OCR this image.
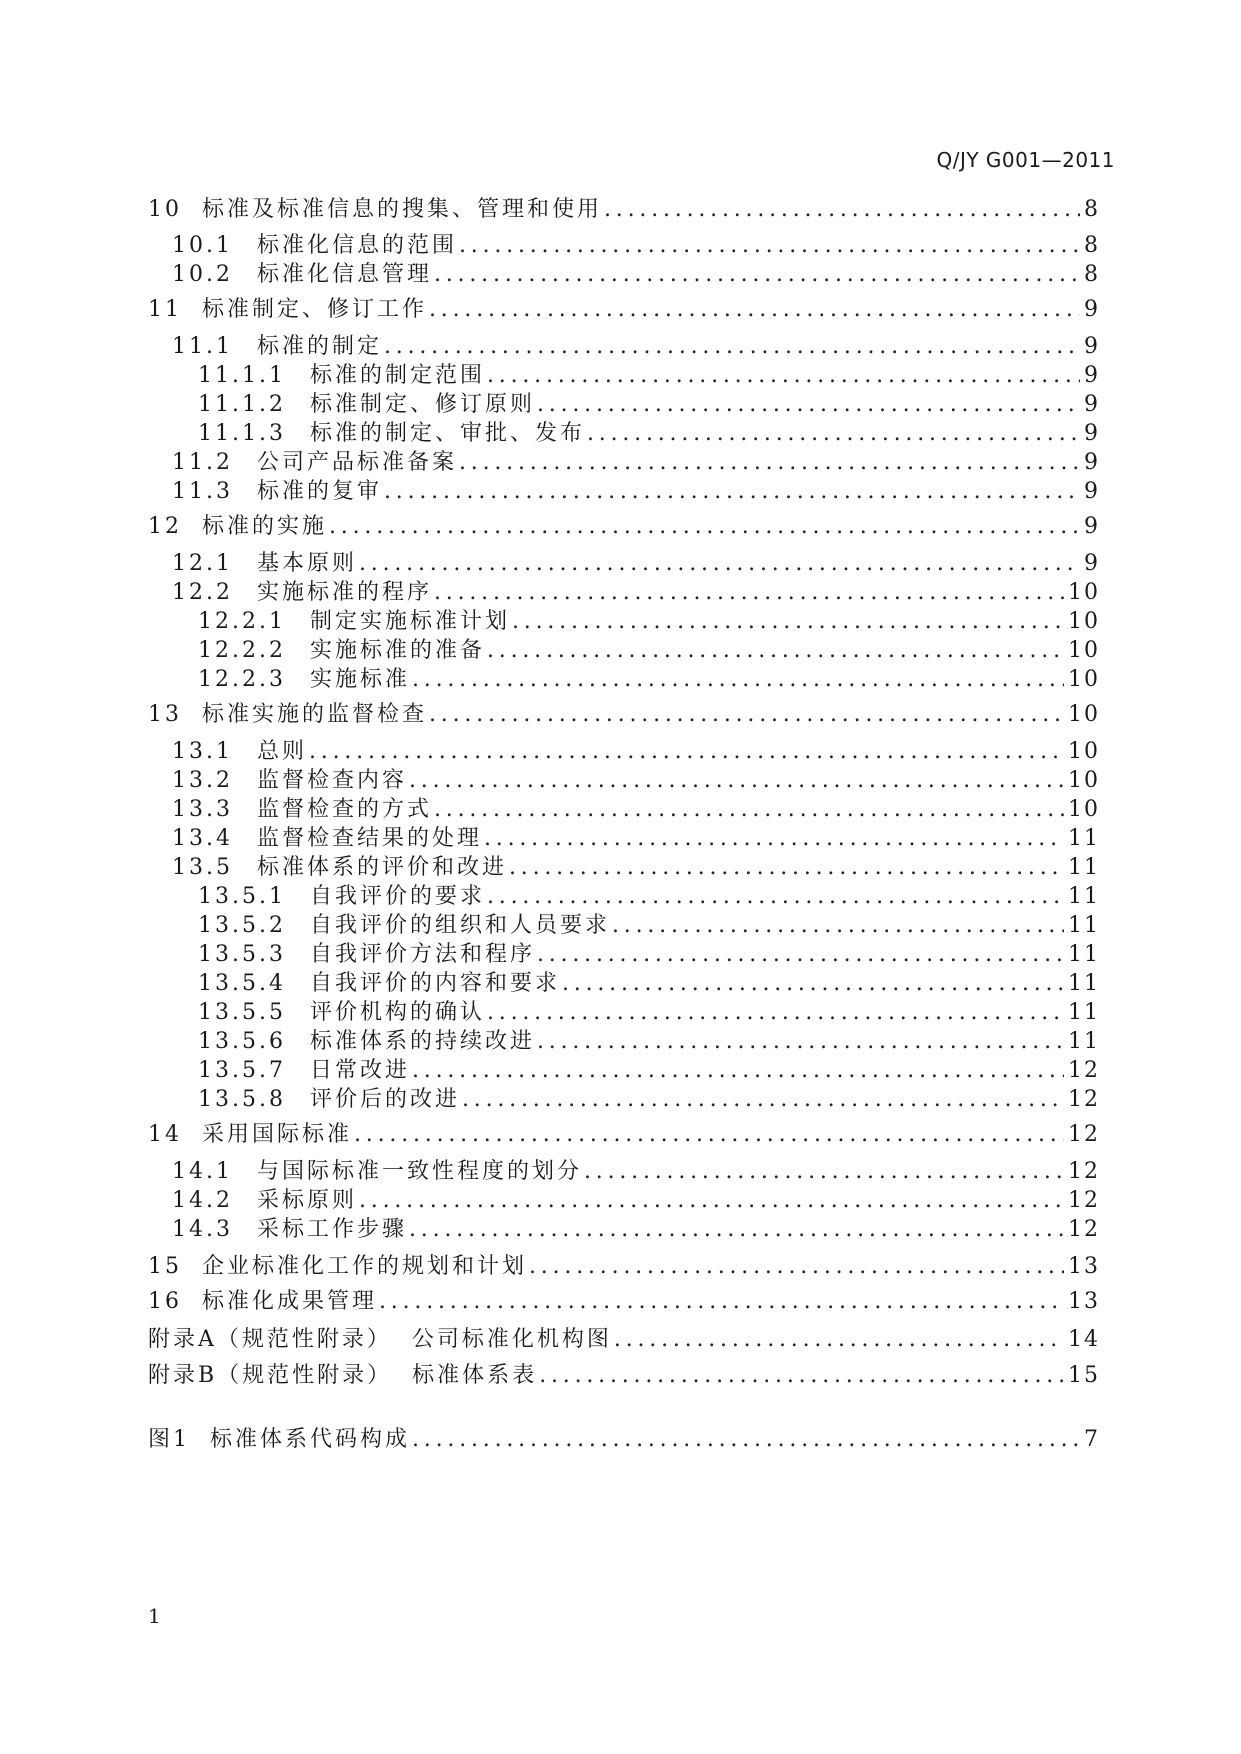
Q/JY G001—2011
10 标准及标准信息的搜集、管理和使用 .....	8
10.1 标准化信息的范围 .....	8
10.2 标准化信息管理 .....	8
11 标准制定、修订工作 .....	9
11.1 标准的制定 .....	9
11.1.1 标准的制定范围 .....	9
11.1.2 标准制定、修订原则 .....	9
11.1.3 标准的制定、审批、发布 .....	9
11.2 公司产品标准备案 .....	9
11.3 标准的复审 .....	9
12 标准的实施 .....	9
12.1 基本原则 .....	9
12.2 实施标准的程序 .....	10
12.2.1 制定实施标准计划 .....	10
12.2.2 实施标准的准备 .....	10
12.2.3 实施标准 .....	10
13 标准实施的监督检查 .....	10
13.1 总则 .....	10
13.2 监督检查内容 .....	10
13.3 监督检查的方式 .....	10
13.4 监督检查结果的处理 .....	11
13.5 标准体系的评价和改进 .....	11
13.5.1 自我评价的要求 .....	11
13.5.2 自我评价的组织和人员要求 .....	11
13.5.3 自我评价方法和程序 .....	11
13.5.4 自我评价的内容和要求 .....	11
13.5.5 评价机构的确认 .....	11
13.5.6 标准体系的持续改进 .....	11
13.5.7 日常改进 .....	12
13.5.8 评价后的改进 .....	12
14 采用国际标准 .....	12
14.1 与国际标准一致性程度的划分 .....	12
14.2 采标原则 .....	12
14.3 采标工作步骤 .....	12
15 企业标准化工作的规划和计划 .....	13
16 标准化成果管理 .....	13
附录A（规范性附录） 公司标准化机构图 .....	14
附录B（规范性附录） 标准体系表 .....	15
图1 标准体系代码构成 .....	7
1
